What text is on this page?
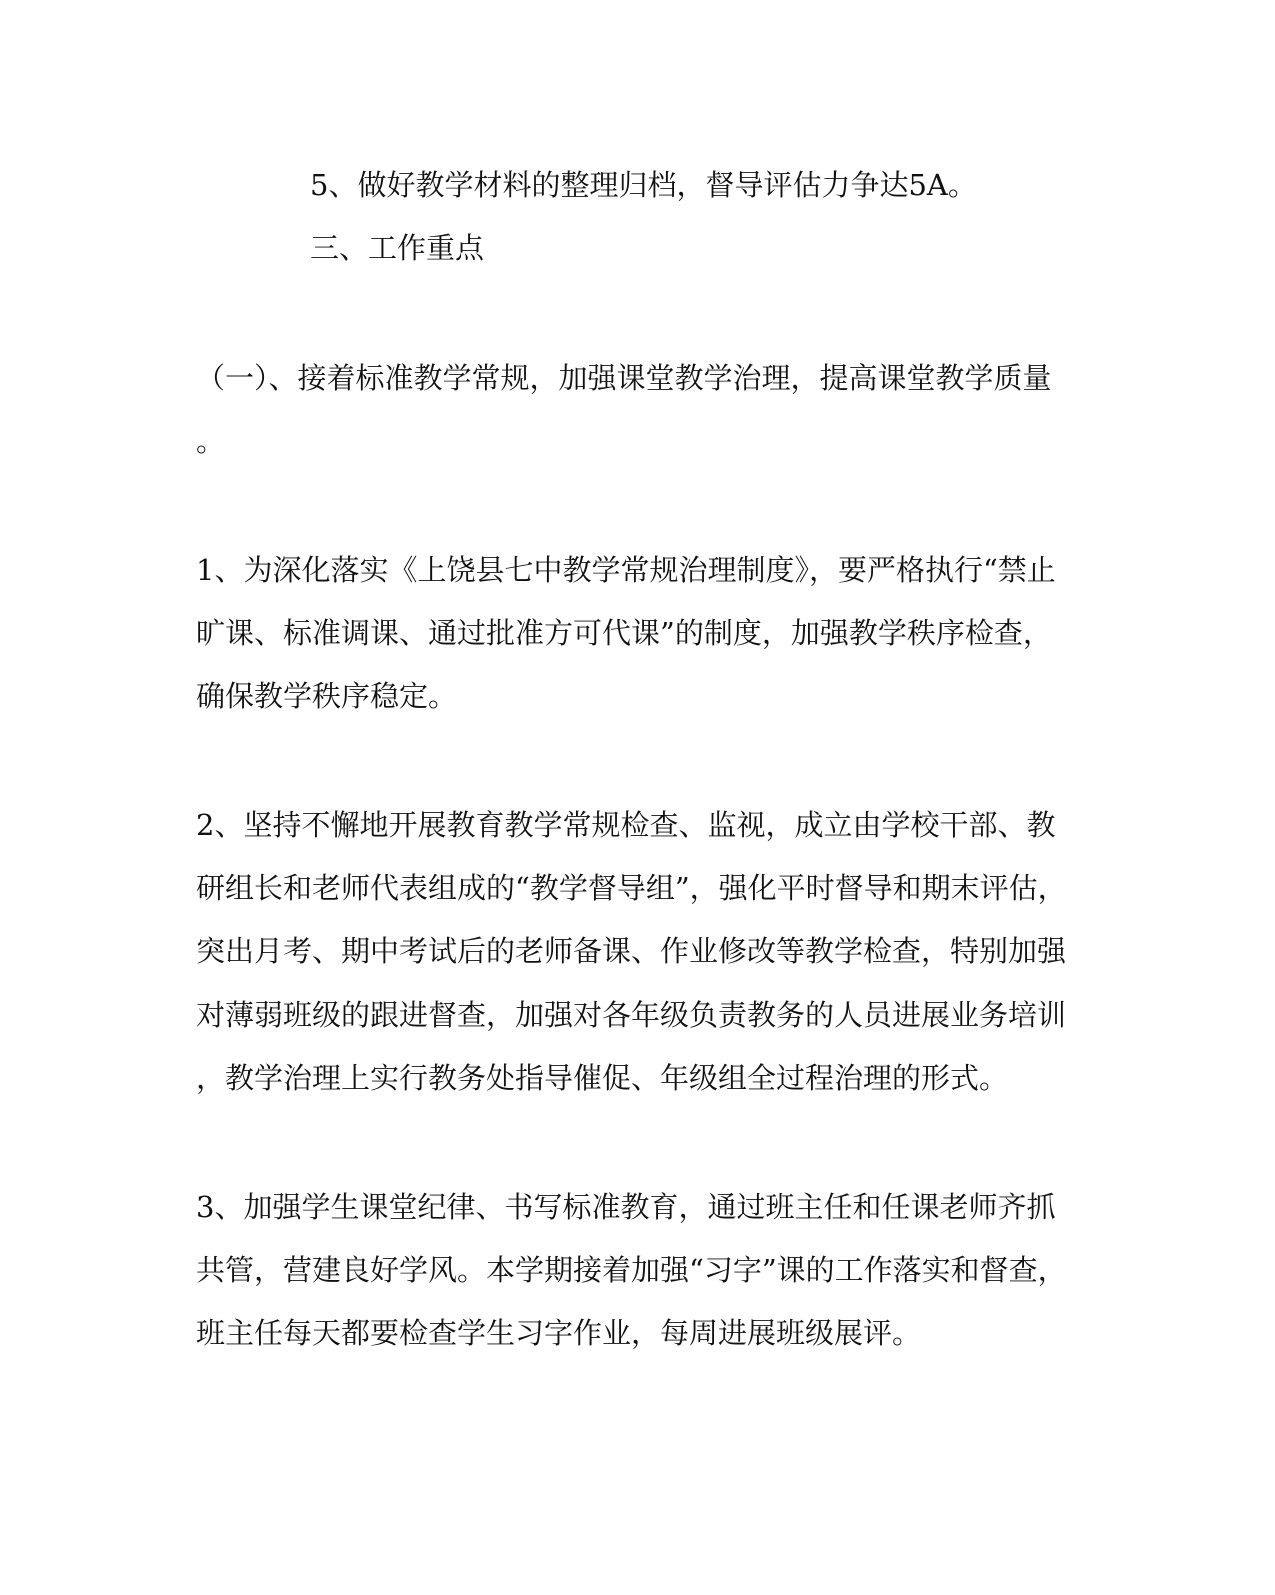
5、做好教学材料的整理归档，督导评估力争达5A。
三、工作重点
（一）、接着标准教学常规，加强课堂教学治理，提高课堂教学质量
。
1、为深化落实《上饶县七中教学常规治理制度》，要严格执行“禁止
旷课、标准调课、通过批准方可代课”的制度，加强教学秩序检查，
确保教学秩序稳定。
2、坚持不懈地开展教育教学常规检查、监视，成立由学校干部、教
研组长和老师代表组成的“教学督导组”，强化平时督导和期末评估，
突出月考、期中考试后的老师备课、作业修改等教学检查，特别加强
对薄弱班级的跟进督查，加强对各年级负责教务的人员进展业务培训
，教学治理上实行教务处指导催促、年级组全过程治理的形式。
3、加强学生课堂纪律、书写标准教育，通过班主任和任课老师齐抓
共管，营建良好学风。本学期接着加强“习字”课的工作落实和督查，
班主任每天都要检查学生习字作业，每周进展班级展评。
